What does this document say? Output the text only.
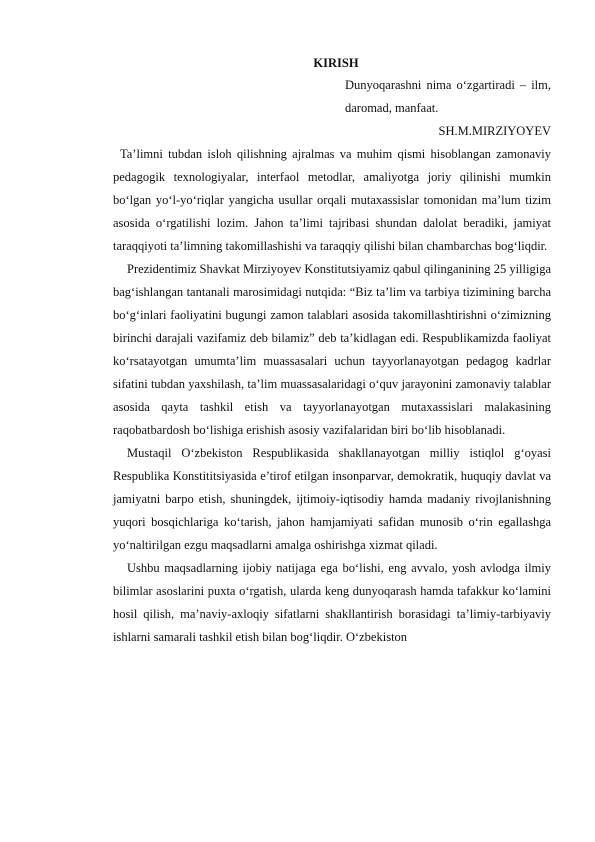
KIRISH
Dunyoqarashni nima o‘zgartiradi – ilm, daromad, manfaat.
SH.M.MIRZIYOYEV

Ta’limni tubdan isloh qilishning ajralmas va muhim qismi hisoblangan zamonaviy pedagogik texnologiyalar, interfaol metodlar, amaliyotga joriy qilinishi mumkin bo‘lgan yo‘l-yo‘riqlar yangicha usullar orqali mutaxassislar tomonidan ma’lum tizim asosida o‘rgatilishi lozim. Jahon ta’limi tajribasi shundan dalolat beradiki, jamiyat taraqqiyoti ta’limning takomillashishi va taraqqiy qilishi bilan chambarchas bog‘liqdir.

Prezidentimiz Shavkat Mirziyoyev Konstitutsiyamiz qabul qilinganining 25 yilligiga bag‘ishlangan tantanali marosimidagi nutqida: “Biz ta’lim va tarbiya tizimining barcha bo‘g‘inlari faoliyatini bugungi zamon talablari asosida takomillashtirishni o‘zimizning birinchi darajali vazifamiz deb bilamiz” deb ta’kidlagan edi. Respublikamizda faoliyat ko‘rsatayotgan umumta’lim muassasalari uchun tayyorlanayotgan pedagog kadrlar sifatini tubdan yaxshilash, ta’lim muassasalaridagi o‘quv jarayonini zamonaviy talablar asosida qayta tashkil etish va tayyorlanayotgan mutaxassislari malakasining raqobatbardosh bo‘lishiga erishish asosiy vazifalaridan biri bo‘lib hisoblanadi.

Mustaqil O‘zbekiston Respublikasida shakllanayotgan milliy istiqlol g‘oyasi Respublika Konstititsiyasida e’tirof etilgan insonparvar, demokratik, huquqiy davlat va jamiyatni barpo etish, shuningdek, ijtimoiy-iqtisodiy hamda madaniy rivojlanishning yuqori bosqichlariga ko‘tarish, jahon hamjamiyati safidan munosib o‘rin egallashga yo‘naltirilgan ezgu maqsadlarni amalga oshirishga xizmat qiladi.

Ushbu maqsadlarning ijobiy natijaga ega bo‘lishi, eng avvalo, yosh avlodga ilmiy bilimlar asoslarini puxta o‘rgatish, ularda keng dunyoqarash hamda tafakkur ko‘lamini hosil qilish, ma’naviy-axloqiy sifatlarni shakllantirish borasidagi ta’limiy-tarbiyaviy ishlarni samarali tashkil etish bilan bog‘liqdir. O‘zbekiston
